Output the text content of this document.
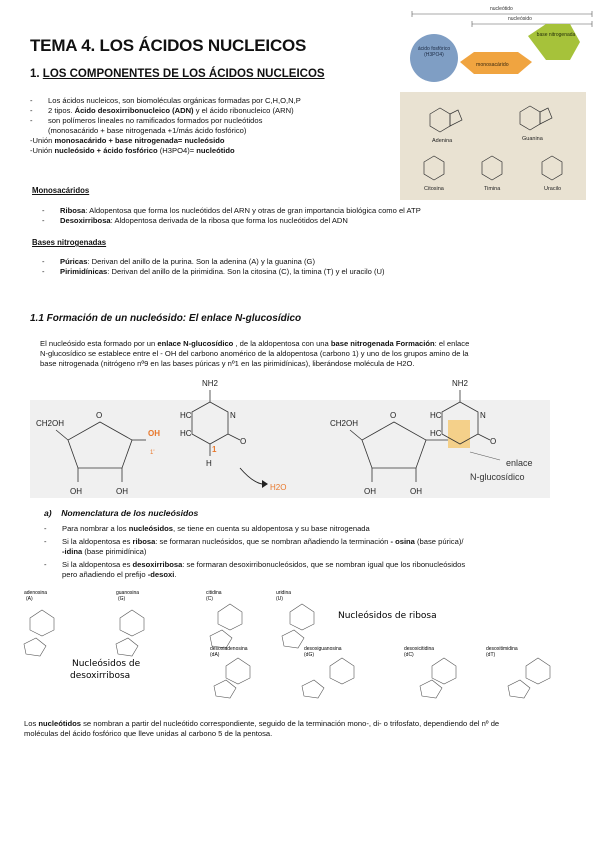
TEMA 4. LOS ÁCIDOS NUCLEICOS
1. LOS COMPONENTES DE LOS ÁCIDOS NUCLEICOS
nucleótido
nucleósido
ácido fosfórico (H3PO4)
monosacárido
base nitrogenada
- Los ácidos nucleicos, son biomoléculas orgánicas formadas por C,H,O,N,P
- 2 tipos. Ácido desoxirribonucleico (ADN) y el ácido ribonucleico (ARN)
- son polímeros lineales no ramificados formados por nucleótidos
(monosacárido + base nitrogenada +1/más ácido fosfórico)
-Unión monosacárido + base nitrogenada= nucleósido
-Unión nucleósido + ácido fosfórico (H3PO4)= nucleótido
Adenina	Guanina
Citosina	Timina	Uracilo
Monosacáridos
- Ribosa: Aldopentosa que forma los nucleótidos del ARN y otras de gran importancia biológica como el ATP
- Desoxirribosa: Aldopentosa derivada de la ribosa que forma los nucleótidos del ADN
Bases nitrogenadas
- Púricas: Derivan del anillo de la purina. Son la adenina (A) y la guanina (G)
- Pirimidínicas: Derivan del anillo de la pirimidina. Son la citosina (C), la timina (T) y el uracilo (U)
1.1 Formación de un nucleósido: El enlace N-glucosídico
El nucleósido esta formado por un enlace N-glucosídico , de la aldopentosa con una base nitrogenada Formación: el enlace
N-glucosídico se establece entre el - OH del carbono anomérico de la aldopentosa (carbono 1) y uno de los grupos amino de la
base nitrogenada (nitrógeno nº9 en las bases púricas y nº1 en las pirimidínicas), liberándose molécula de H2O.
CH2OH
O
OH
1'
OH	OH
NH2
HC
HC
N
O
1
H
H2O
CH2OH
O
NH2
HC
HC
N
O
OH	OH
enlace
N-glucosídico
a) Nomenclatura de los nucleósidos
- Para nombrar a los nucleósidos, se tiene en cuenta su aldopentosa y su base nitrogenada
- Si la aldopentosa es ribosa: se formaran nucleósidos, que se nombran añadiendo la terminación - osina (base púrica)/
-idina (base pirimidínica)
- Si la aldopentosa es desoxirribosa: se formaran desoxirribonucleósidos, que se nombran igual que los ribonucleósidos
pero añadiendo el prefijo -desoxi.
adenosina
(A)
guanosina
(G)
citidina
(C)
uridina
(U)
Nucleósidos de ribosa
desoxiadenosina
(dA)
desoxiguanosina
(dG)
desoxicitidina
(dC)
desoxitimidina
(dT)
Nucleósidos de
desoxirribosa
Los nucleótidos se nombran a partir del nucleótido correspondiente, seguido de la terminación mono-, di- o trifosfato, dependiendo del nº de
moléculas del ácido fosfórico que lleve unidas al carbono 5 de la pentosa.
